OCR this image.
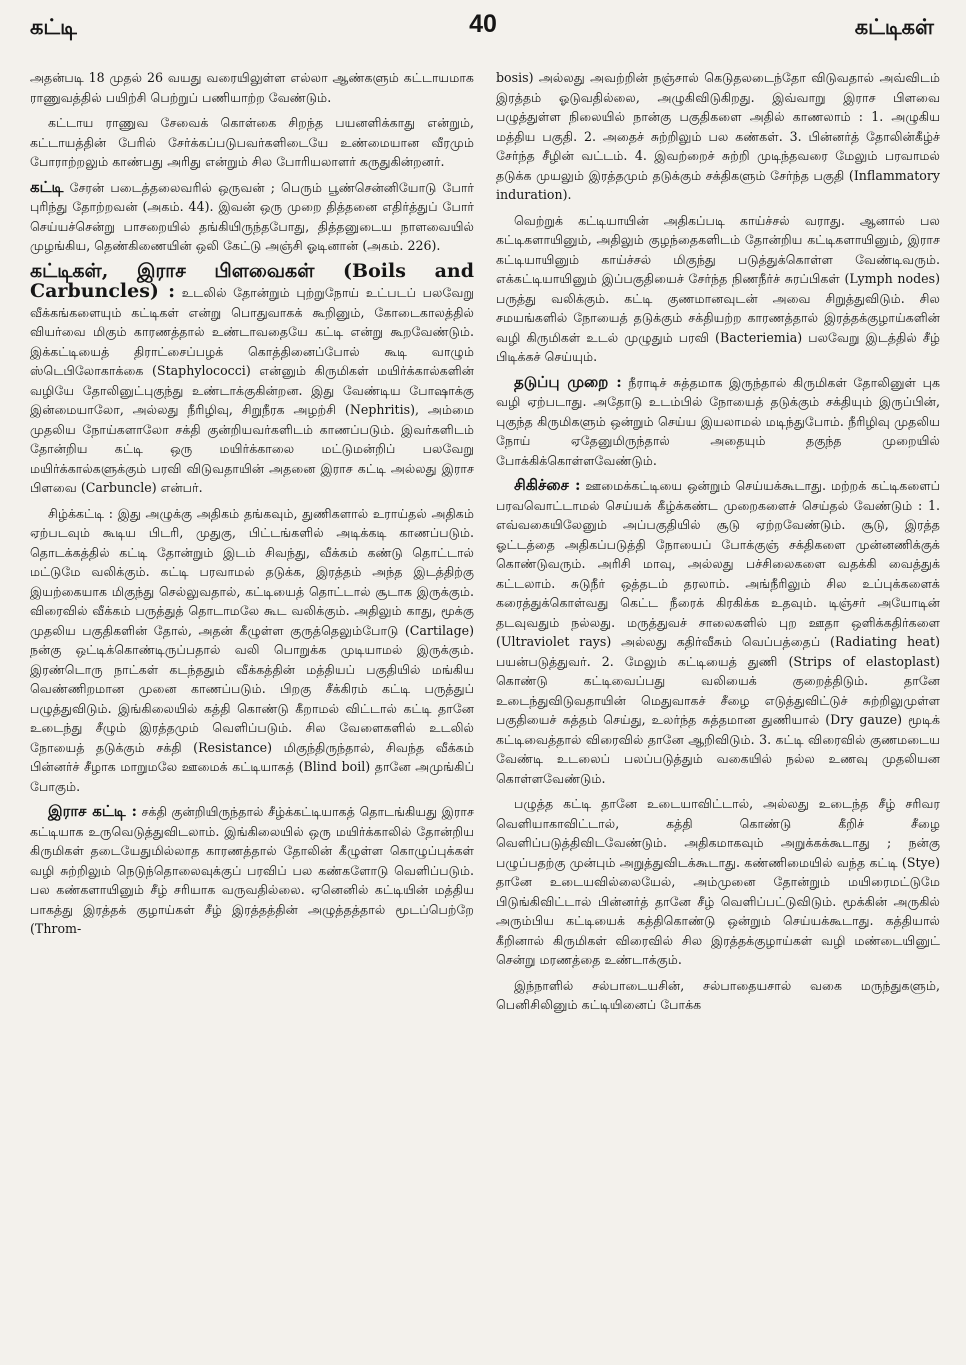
கட்டி	40	கட்டிகள்

அதன்படி 18 முதல் 26 வயது வரையிலுள்ள எல்லா ஆண்களும் கட்டாயமாக ராணுவத்தில் பயிற்சி பெற்றுப் பணியாற்ற வேண்டும்.

கட்டாய ராணுவ சேவைக் கொள்கை சிறந்த பயனளிக்காது என்றும், கட்டாயத்தின் பேரில் சேர்க்கப்படுபவர்களிடையே உண்மையான வீரமும் போராற்றலும் காண்பது அரிது என்றும் சில போரியலாளர் கருதுகின்றனர்.

கட்டி சேரன் படைத்தலைவரில் ஒருவன் ; பெரும் பூண்சென்னியோடு போர் புரிந்து தோற்றவன் (அகம். 44). இவன் ஒரு முறை தித்தனை எதிர்த்துப் போர் செய்யச்சென்று பாசறையில் தங்கியிருந்தபோது, தித்தனுடைய நாளவையில் முழங்கிய, தெண்கிணையின் ஒலி கேட்டு அஞ்சி ஓடினான் (அகம். 226).

கட்டிகள், இராச பிளவைகள் (Boils and Carbuncles) : உடலில் தோன்றும் புற்றுநோய் உட்படப் பலவேறு வீக்கங்களையும் கட்டிகள் என்று பொதுவாகக் கூறினும், கோடைகாலத்தில் வியர்வை மிகும் காரணத்தால் உண்டாவதையே கட்டி என்று கூறவேண்டும். இக்கட்டியைத் திராட்சைப்பழக் கொத்தினைப்போல் கூடி வாழும் ஸ்டெபிலோகாக்கை (Staphylococci) என்னும் கிருமிகள் மயிர்க்கால்களின் வழியே தோலினுட்புகுந்து உண்டாக்குகின்றன. இது வேண்டிய போஷாக்கு இன்மையாலோ, அல்லது நீரிழிவு, சிறுநீரக அழற்சி (Nephritis), அம்மை முதலிய நோய்களாலோ சக்தி குன்றியவர்களிடம் காணப்படும். இவர்களிடம் தோன்றிய கட்டி ஒரு மயிர்க்காலை மட்டுமன்றிப் பலவேறு மயிர்க்கால்களுக்கும் பரவி விடுவதாயின் அதனை இராச கட்டி அல்லது இராச பிளவை (Carbuncle) என்பர்.

சிழ்க்கட்டி : இது அழுக்கு அதிகம் தங்கவும், துணிகளால் உராய்தல் அதிகம் ஏற்படவும் கூடிய பிடரி, முதுகு, பிட்டங்களில் அடிக்கடி காணப்படும். தொடக்கத்தில் கட்டி தோன்றும் இடம் சிவந்து, வீக்கம் கண்டு தொட்டால் மட்டுமே வலிக்கும். கட்டி பரவாமல் தடுக்க, இரத்தம் அந்த இடத்திற்கு இயற்கையாக மிகுந்து செல்லுவதால், கட்டியைத் தொட்டால் சூடாக இருக்கும். விரைவில் வீக்கம் பருத்துத் தொடாமலே கூட வலிக்கும். அதிலும் காது, மூக்கு முதலிய பகுதிகளின் தோல், அதன் கீழுள்ள குருத்தெலும்போடு (Cartilage) நன்கு ஒட்டிக்கொண்டிருப்பதால் வலி பொறுக்க முடியாமல் இருக்கும். இரண்டொரு நாட்கள் கடந்ததும் வீக்கத்தின் மத்தியப் பகுதியில் மங்கிய வெண்ணிறமான முனை காணப்படும். பிறகு சீக்கிரம் கட்டி பருத்துப் பழுத்துவிடும். இங்கிலையில் கத்தி கொண்டு கீறாமல் விட்டால் கட்டி தானே உடைந்து சீழும் இரத்தமும் வெளிப்படும். சில வேளைகளில் உடலில் நோயைத் தடுக்கும் சக்தி (Resistance) மிகுந்திருந்தால், சிவந்த வீக்கம் பின்னர்ச் சீழாக மாறுமலே ஊமைக் கட்டியாகத் (Blind boil) தானே அமுங்கிப் போகும்.

இராச கட்டி : சக்தி குன்றியிருந்தால் சீழ்க்கட்டியாகத் தொடங்கியது இராச கட்டியாக உருவெடுத்துவிடலாம். இங்கிலையில் ஒரு மயிர்க்காலில் தோன்றிய கிருமிகள் தடையேதுமில்லாத காரணத்தால் தோலின் கீழுள்ள கொழுப்புக்கள் வழி சுற்றிலும் நெடுந்தொலைவுக்குப் பரவிப் பல கண்களோடு வெளிப்படும். பல கண்களாயினும் சீழ் சரியாக வருவதில்லை. ஏனெனில் கட்டியின் மத்திய பாகத்து இரத்தக் குழாய்கள் சீழ் இரத்தத்தின் அழுத்தத்தால் மூடப்பெற்றே (Throm-

bosis) அல்லது அவற்றின் நஞ்சால் கெடுதலடைந்தோ விடுவதால் அவ்விடம் இரத்தம் ஓடுவதில்லை, அழுகிவிடுகிறது. இவ்வாறு இராச பிளவை பழுத்துள்ள நிலையில் நான்கு பகுதிகளை அதில் காணலாம் : 1. அழுகிய மத்திய பகுதி. 2. அதைச் சுற்றிலும் பல கண்கள். 3. பின்னர்த் தோலின்கீழ்ச் சேர்ந்த சீழின் வட்டம். 4. இவற்றைச் சுற்றி முடிந்தவரை மேலும் பரவாமல் தடுக்க முயலும் இரத்தமும் தடுக்கும் சக்திகளும் சேர்ந்த பகுதி (Inflammatory induration).

வெற்றுக் கட்டியாயின் அதிகப்படி காய்ச்சல் வராது. ஆனால் பல கட்டிகளாயினும், அதிலும் குழந்தைகளிடம் தோன்றிய கட்டிகளாயினும், இராச கட்டியாயினும் காய்ச்சல் மிகுந்து படுத்துக்கொள்ள வேண்டிவரும். எக்கட்டியாயினும் இப்பகுதியைச் சேர்ந்த நிணநீர்ச் சுரப்பிகள் (Lymph nodes) பருத்து வலிக்கும். கட்டி குணமானவுடன் அவை சிறுத்துவிடும். சில சமயங்களில் நோயைத் தடுக்கும் சக்தியற்ற காரணத்தால் இரத்தக்குழாய்களின் வழி கிருமிகள் உடல் முழுதும் பரவி (Bacteriemia) பலவேறு இடத்தில் சீழ் பிடிக்கச் செய்யும்.

தடுப்பு முறை : நீராடிச் சுத்தமாக இருந்தால் கிருமிகள் தோலினுள் புக வழி ஏற்படாது. அதோடு உடம்பில் நோயைத் தடுக்கும் சக்தியும் இருப்பின், புகுந்த கிருமிகளும் ஒன்றும் செய்ய இயலாமல் மடிந்துபோம். நீரிழிவு முதலிய நோய் ஏதேனுமிருந்தால் அதையும் தகுந்த முறையில் போக்கிக்கொள்ளவேண்டும்.

சிகிச்சை : ஊமைக்கட்டியை ஒன்றும் செய்யக்கூடாது. மற்றக் கட்டிகளைப் பரவவொட்டாமல் செய்யக் கீழ்க்கண்ட முறைகளைச் செய்தல் வேண்டும் : 1. எவ்வகையிலேனும் அப்பகுதியில் சூடு ஏற்றவேண்டும். சூடு, இரத்த ஓட்டத்தை அதிகப்படுத்தி நோயைப் போக்குஞ் சக்திகளை முன்னணிக்குக் கொண்டுவரும். அரிசி மாவு, அல்லது பச்சிலைகளை வதக்கி வைத்துக் கட்டலாம். சுடுநீர் ஒத்தடம் தரலாம். அங்நீரிலும் சில உப்புக்களைக் கரைத்துக்கொள்வது கெட்ட நீரைக் கிரகிக்க உதவும். டிஞ்சர் அயோடின் தடவுவதும் நல்லது. மருத்துவச் சாலைகளில் புற ஊதா ஒளிக்கதிர்களை (Ultraviolet rays) அல்லது கதிர்வீசும் வெப்பத்தைப் (Radiating heat) பயன்படுத்துவர். 2. மேலும் கட்டியைத் துணி (Strips of elastoplast) கொண்டு கட்டிவைப்பது வலியைக் குறைத்திடும். தானே உடைந்துவிடுவதாயின் மெதுவாகச் சீழை எடுத்துவிட்டுச் சுற்றிலுமுள்ள பகுதியைச் சுத்தம் செய்து, உலர்ந்த சுத்தமான துணியால் (Dry gauze) மூடிக் கட்டிவைத்தால் விரைவில் தானே ஆறிவிடும். 3. கட்டி விரைவில் குணமடைய வேண்டி உடலைப் பலப்படுத்தும் வகையில் நல்ல உணவு முதலியன கொள்ளவேண்டும்.

பழுத்த கட்டி தானே உடையாவிட்டால், அல்லது உடைந்த சீழ் சரிவர வெளியாகாவிட்டால், கத்தி கொண்டு கீறிச் சீழை வெளிப்படுத்திவிடவேண்டும். அதிகமாகவும் அறுக்கக்கூடாது ; நன்கு பழுப்பதற்கு முன்பும் அறுத்துவிடக்கூடாது. கண்ணிமையில் வந்த கட்டி (Stye) தானே உடையவில்லையேல், அம்முனை தோன்றும் மயிரைமட்டுமே பிடுங்கிவிட்டால் பின்னர்த் தானே சீழ் வெளிப்பட்டுவிடும். மூக்கின் அருகில் அரும்பிய கட்டியைக் கத்திகொண்டு ஒன்றும் செய்யக்கூடாது. கத்தியால் கீறினால் கிருமிகள் விரைவில் சில இரத்தக்குழாய்கள் வழி மண்டையினுட் சென்று மரணத்தை உண்டாக்கும்.

இந்நாளில் சல்பாடையசின், சல்பாதையசால் வகை மருந்துகளும், பெனிசிலினும் கட்டியினைப் போக்க
